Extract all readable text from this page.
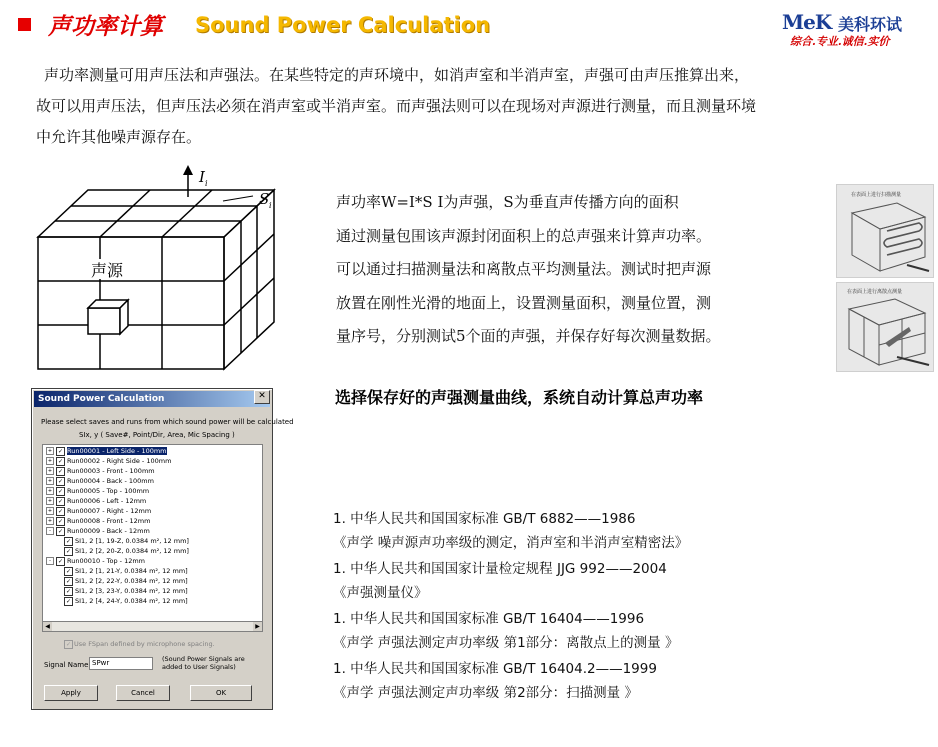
声功率计算 Sound Power Calculation	MeK 美科环试
综合.专业.诚信.实价
声功率测量可用声压法和声强法。在某些特定的声环境中，如消声室和半消声室，声强可由声压推算出来，
故可以用声压法，但声压法必须在消声室或半消声室。而声强法则可以在现场对声源进行测量，而且测量环境
中允许其他噪声源存在。
声源
I i
S i	声功率W=I*S I为声强，S为垂直声传播方向的面积
通过测量包围该声源封闭面积上的总声强来计算声功率。
可以通过扫描测量法和离散点平均测量法。测试时把声源
放置在刚性光滑的地面上，设置测量面积，测量位置，测
量序号，分别测试5个面的声强，并保存好每次测量数据。
在表面上进行扫描测量
在表面上进行离散点测量
选择保存好的声强测量曲线，系统自动计算总声功率
Sound Power Calculation	✕
Please select saves and runs from which sound power will be calculated
SIx, y ( Save#, Point/Dir, Area, Mic Spacing )
+ ✓ Run00001 - Left Side - 100mm
+ ✓ Run00002 - Right Side - 100mm
+ ✓ Run00003 - Front - 100mm
+ ✓ Run00004 - Back - 100mm
+ ✓ Run00005 - Top - 100mm
+ ✓ Run00006 - Left - 12mm
+ ✓ Run00007 - Right - 12mm
+ ✓ Run00008 - Front - 12mm
- ✓ Run00009 - Back - 12mm
✓ SI1, 2 [1, 19-Z, 0.0384 m², 12 mm]
✓ SI1, 2 [2, 20-Z, 0.0384 m², 12 mm]
- ✓ Run00010 - Top - 12mm
✓ SI1, 2 [1, 21-Y, 0.0384 m², 12 mm]
✓ SI1, 2 [2, 22-Y, 0.0384 m², 12 mm]
✓ SI1, 2 [3, 23-Y, 0.0384 m², 12 mm]
✓ SI1, 2 [4, 24-Y, 0.0384 m², 12 mm]
◀	▶
✓ Use FSpan defined by microphone spacing.
Signal Name SPwr	(Sound Power Signals are
added to User Signals)
Apply	Cancel	OK
1. 中华人民共和国国家标准 GB/T 6882——1986
《声学 噪声源声功率级的测定，消声室和半消声室精密法》
1. 中华人民共和国国家计量检定规程 JJG 992——2004
《声强测量仪》
1. 中华人民共和国国家标准 GB/T 16404——1996
《声学 声强法测定声功率级 第1部分：离散点上的测量 》
1. 中华人民共和国国家标准 GB/T 16404.2——1999
《声学 声强法测定声功率级 第2部分：扫描测量 》
